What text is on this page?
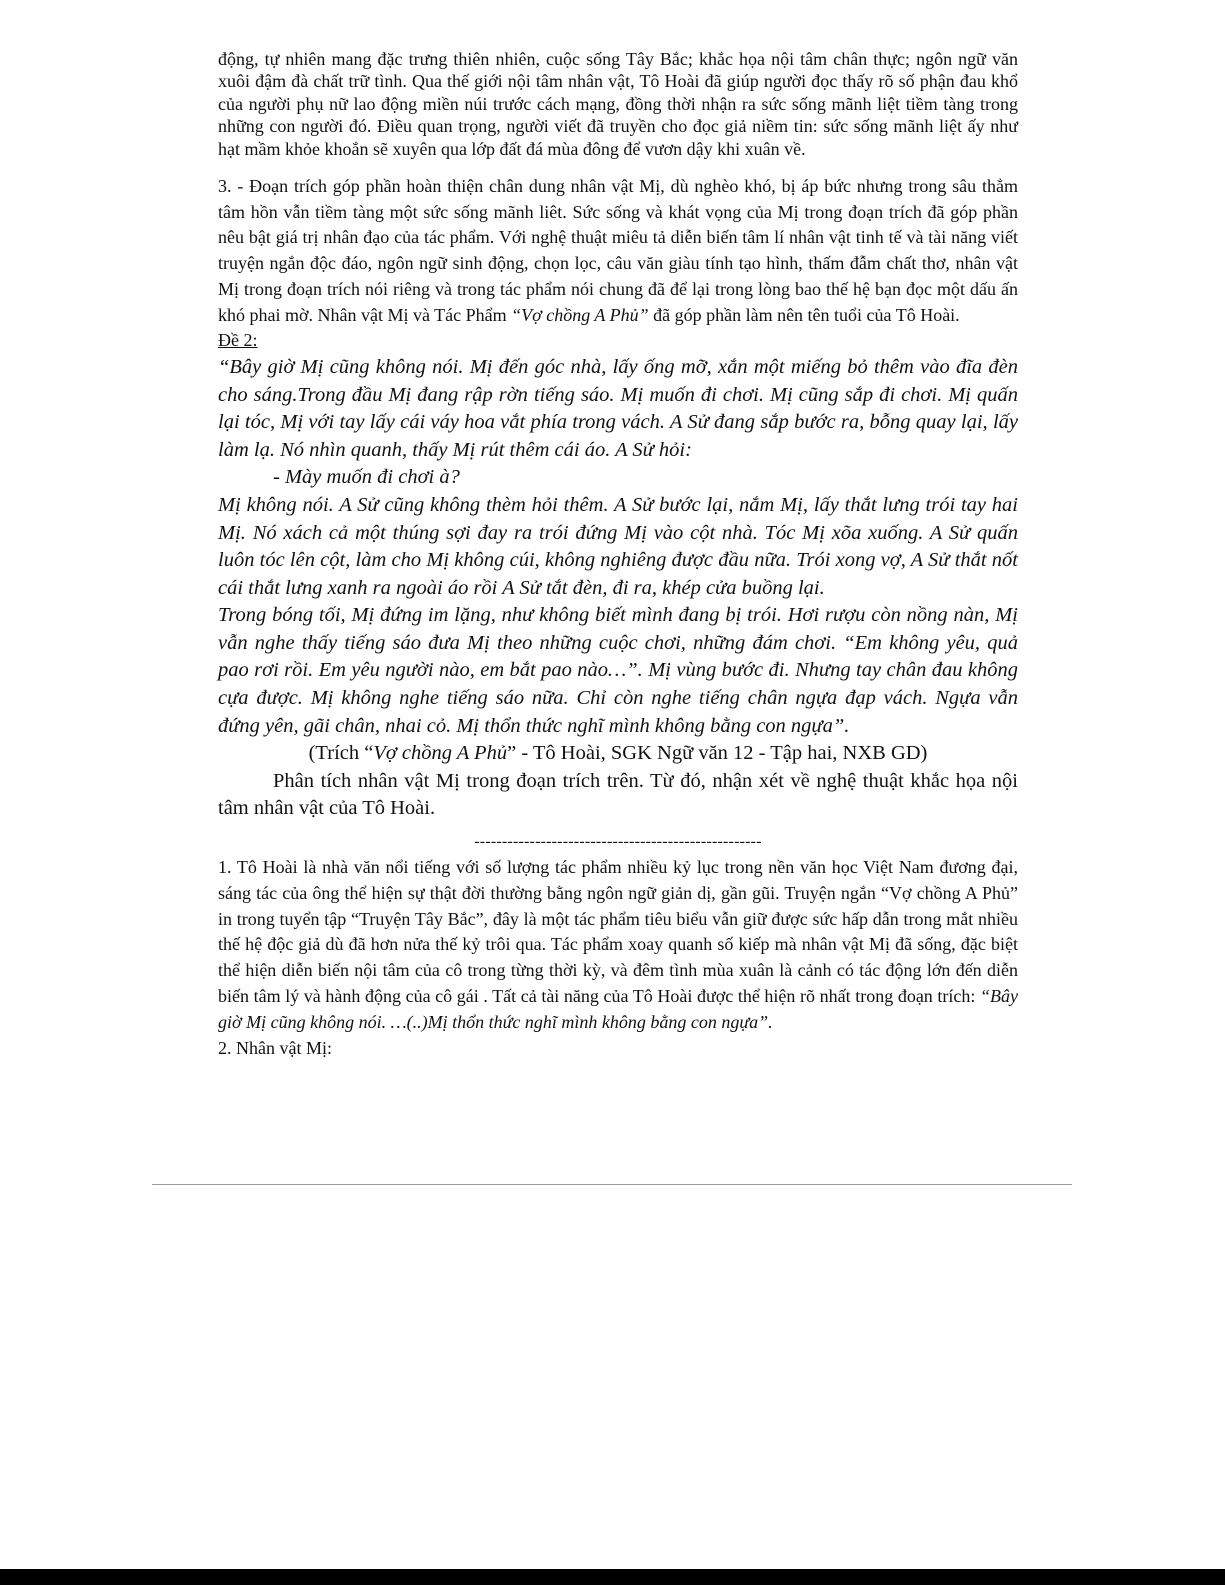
động, tự nhiên mang đặc trưng thiên nhiên, cuộc sống Tây Bắc; khắc họa nội tâm chân thực; ngôn ngữ văn xuôi đậm đà chất trữ tình. Qua thế giới nội tâm nhân vật, Tô Hoài đã giúp người đọc thấy rõ số phận đau khổ của người phụ nữ lao động miền núi trước cách mạng, đồng thời nhận ra sức sống mãnh liệt tiềm tàng trong những con người đó. Điều quan trọng, người viết đã truyền cho đọc giả niềm tin: sức sống mãnh liệt ấy như hạt mầm khỏe khoắn sẽ xuyên qua lớp đất đá mùa đông để vươn dậy khi xuân về.

3. - Đoạn trích góp phần hoàn thiện chân dung nhân vật Mị, dù nghèo khó, bị áp bức nhưng trong sâu thẳm tâm hồn vẫn tiềm tàng một sức sống mãnh liêt. Sức sống và khát vọng của Mị trong đoạn trích đã góp phần nêu bật giá trị nhân đạo của tác phẩm. Với nghệ thuật miêu tả diễn biến tâm lí nhân vật tinh tế và tài năng viết truyện ngắn độc đáo, ngôn ngữ sinh động, chọn lọc, câu văn giàu tính tạo hình, thấm đẫm chất thơ, nhân vật Mị trong đoạn trích nói riêng và trong tác phẩm nói chung đã để lại trong lòng bao thế hệ bạn đọc một dấu ấn khó phai mờ. Nhân vật Mị và Tác Phẩm “Vợ chồng A Phủ” đã góp phần làm nên tên tuổi của Tô Hoài.

Đề 2:

“Bây giờ Mị cũng không nói. Mị đến góc nhà, lấy ống mỡ, xắn một miếng bỏ thêm vào đĩa đèn cho sáng.Trong đầu Mị đang rập rờn tiếng sáo. Mị muốn đi chơi. Mị cũng sắp đi chơi. Mị quấn lại tóc, Mị với tay lấy cái váy hoa vắt phía trong vách. A Sử đang sắp bước ra, bỗng quay lại, lấy làm lạ. Nó nhìn quanh, thấy Mị rút thêm cái áo. A Sử hỏi:

- Mày muốn đi chơi à?

Mị không nói. A Sử cũng không thèm hỏi thêm. A Sử bước lại, nắm Mị, lấy thắt lưng trói tay hai Mị. Nó xách cả một thúng sợi đay ra trói đứng Mị vào cột nhà. Tóc Mị xõa xuống. A Sử quấn luôn tóc lên cột, làm cho Mị không cúi, không nghiêng được đầu nữa. Trói xong vợ, A Sử thắt nốt cái thắt lưng xanh ra ngoài áo rồi A Sử tắt đèn, đi ra, khép cửa buồng lại.

Trong bóng tối, Mị đứng im lặng, như không biết mình đang bị trói. Hơi rượu còn nồng nàn, Mị vẫn nghe thấy tiếng sáo đưa Mị theo những cuộc chơi, những đám chơi. “Em không yêu, quả pao rơi rồi. Em yêu người nào, em bắt pao nào…”. Mị vùng bước đi. Nhưng tay chân đau không cựa được. Mị không nghe tiếng sáo nữa. Chỉ còn nghe tiếng chân ngựa đạp vách. Ngựa vẫn đứng yên, gãi chân, nhai cỏ. Mị thổn thức nghĩ mình không bằng con ngựa”.

(Trích “Vợ chồng A Phủ” - Tô Hoài, SGK Ngữ văn 12 - Tập hai, NXB GD)

Phân tích nhân vật Mị trong đoạn trích trên. Từ đó, nhận xét về nghệ thuật khắc họa nội tâm nhân vật của Tô Hoài.

----------------------------------------------------

1. Tô Hoài là nhà văn nổi tiếng với số lượng tác phẩm nhiều kỷ lục trong nền văn học Việt Nam đương đại, sáng tác của ông thể hiện sự thật đời thường bằng ngôn ngữ giản dị, gần gũi. Truyện ngắn “Vợ chồng A Phủ” in trong tuyển tập “Truyện Tây Bắc”, đây là một tác phẩm tiêu biểu vẫn giữ được sức hấp dẫn trong mắt nhiều thế hệ độc giả dù đã hơn nửa thế kỷ trôi qua. Tác phẩm xoay quanh số kiếp mà nhân vật Mị đã sống, đặc biệt thể hiện diễn biến nội tâm của cô trong từng thời kỳ, và đêm tình mùa xuân là cảnh có tác động lớn đến diễn biến tâm lý và hành động của cô gái . Tất cả tài năng của Tô Hoài được thể hiện rõ nhất trong đoạn trích: “Bây giờ Mị cũng không nói. …(..)Mị thổn thức nghĩ mình không bằng con ngựa”.

2. Nhân vật Mị:
